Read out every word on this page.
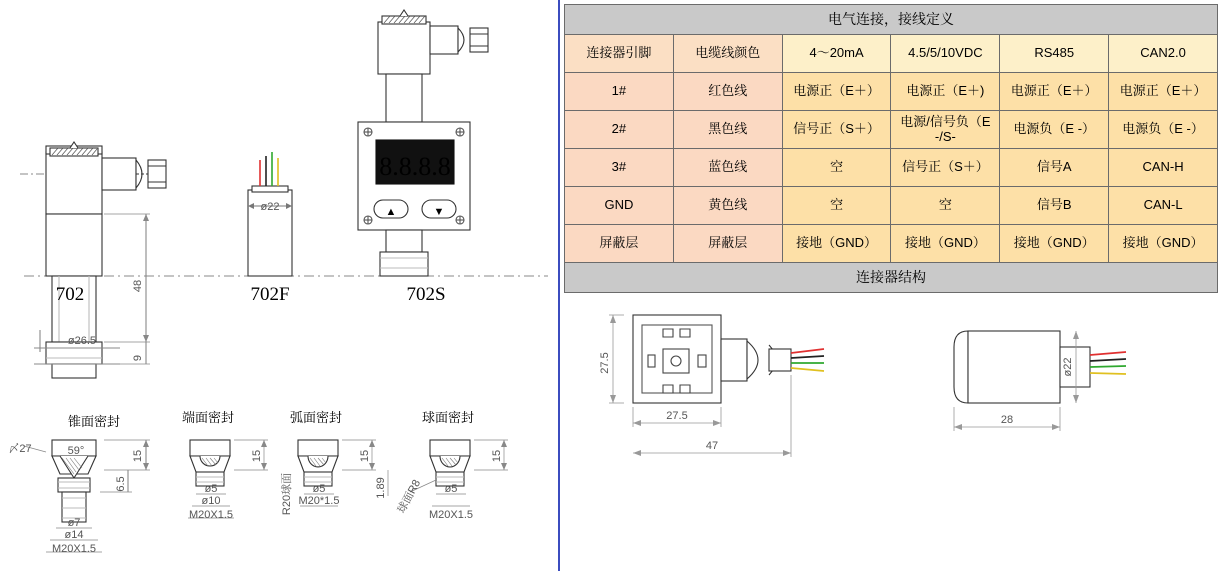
702	702F	702S
8.8.8.8
▲	▼
锥面密封	端面密封	弧面密封	球面密封
ø26.5
48
9
15
6.5
〆27	59°
ø7
ø14
M20X1.5
ø22
ø5
ø10
M20X1.5
15
ø5
M20*1.5
R20球面
15
1.89	ø5
M20X1.5
15
球面R8
电气连接，接线定义					
连接器引脚	电缆线颜色	4～20mA	4.5/5/10VDC	RS485	CAN2.0
1#	红色线	电源正（E＋）	电源正（E＋)	电源正（E＋）	电源正（E＋）
2#	黑色线	信号正（S＋）	电源/信号负（E -/S-	电源负（E -）	电源负（E -）
3#	蓝色线	空	信号正（S＋）	信号A	CAN-H
GND	黄色线	空	空	信号B	CAN-L
屏蔽层	屏蔽层	接地（GND）	接地（GND）	接地（GND）	接地（GND）
连接器结构					
27.5
27.5
47
ø22
28
